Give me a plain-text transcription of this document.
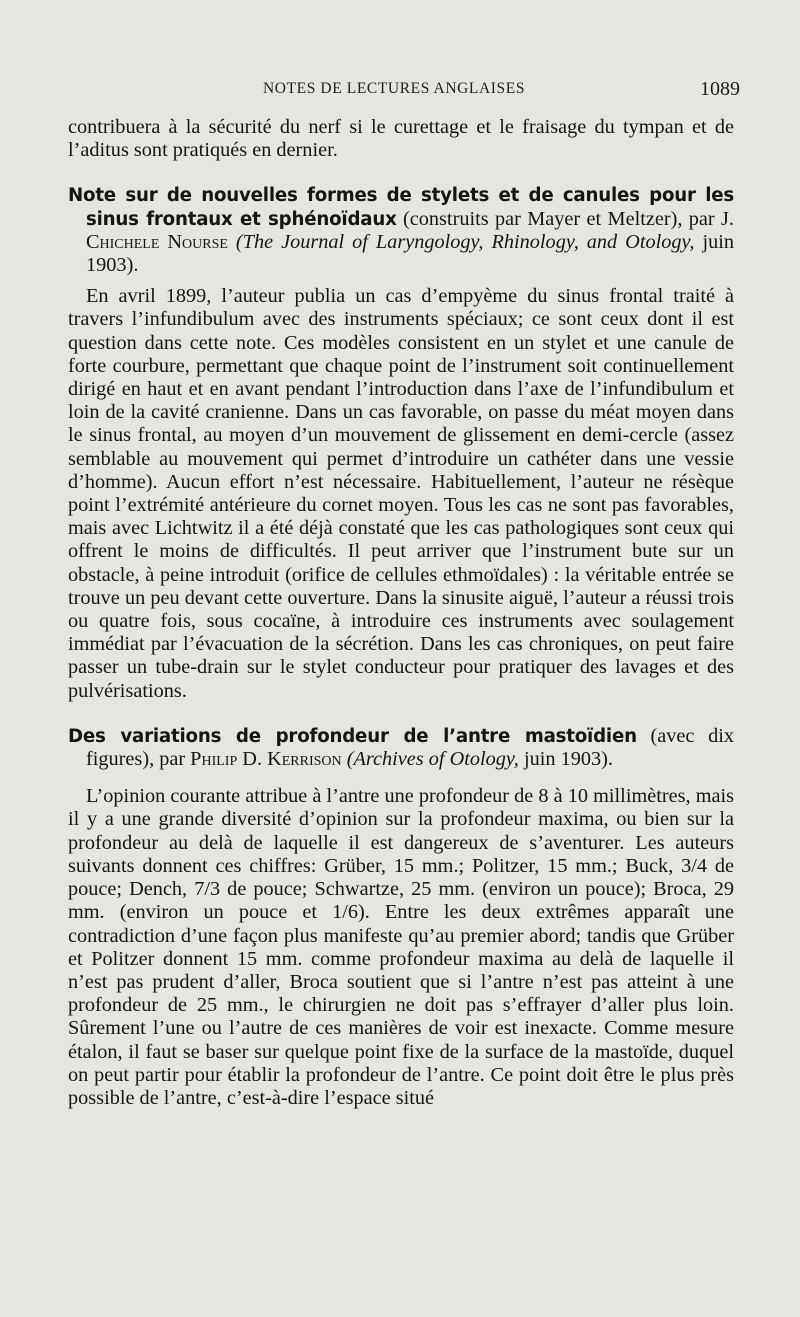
NOTES DE LECTURES ANGLAISES	1089

contribuera à la sécurité du nerf si le curettage et le fraisage du tympan et de l’aditus sont pratiqués en dernier.

Note sur de nouvelles formes de stylets et de canules pour les sinus frontaux et sphénoïdaux (construits par Mayer et Meltzer), par J. Chichele Nourse (The Journal of Laryngology, Rhinology, and Otology, juin 1903).

En avril 1899, l’auteur publia un cas d’empyème du sinus frontal traité à travers l’infundibulum avec des instruments spéciaux; ce sont ceux dont il est question dans cette note. Ces modèles consistent en un stylet et une canule de forte courbure, permettant que chaque point de l’instrument soit continuellement dirigé en haut et en avant pendant l’introduction dans l’axe de l’infundibulum et loin de la cavité cranienne. Dans un cas favorable, on passe du méat moyen dans le sinus frontal, au moyen d’un mouvement de glissement en demi-cercle (assez semblable au mouvement qui permet d’introduire un cathéter dans une vessie d’homme). Aucun effort n’est nécessaire. Habituellement, l’auteur ne résèque point l’extrémité antérieure du cornet moyen. Tous les cas ne sont pas favorables, mais avec Lichtwitz il a été déjà constaté que les cas pathologiques sont ceux qui offrent le moins de difficultés. Il peut arriver que l’instrument bute sur un obstacle, à peine introduit (orifice de cellules ethmoïdales) : la véritable entrée se trouve un peu devant cette ouverture. Dans la sinusite aiguë, l’auteur a réussi trois ou quatre fois, sous cocaïne, à introduire ces instruments avec soulagement immédiat par l’évacuation de la sécrétion. Dans les cas chroniques, on peut faire passer un tube-drain sur le stylet conducteur pour pratiquer des lavages et des pulvérisations.

Des variations de profondeur de l’antre mastoïdien (avec dix figures), par Philip D. Kerrison (Archives of Otology, juin 1903).

L’opinion courante attribue à l’antre une profondeur de 8 à 10 millimètres, mais il y a une grande diversité d’opinion sur la profondeur maxima, ou bien sur la profondeur au delà de laquelle il est dangereux de s’aventurer. Les auteurs suivants donnent ces chiffres: Grüber, 15 mm.; Politzer, 15 mm.; Buck, 3/4 de pouce; Dench, 7/3 de pouce; Schwartze, 25 mm. (environ un pouce); Broca, 29 mm. (environ un pouce et 1/6). Entre les deux extrêmes apparaît une contradiction d’une façon plus manifeste qu’au premier abord; tandis que Grüber et Politzer donnent 15 mm. comme profondeur maxima au delà de laquelle il n’est pas prudent d’aller, Broca soutient que si l’antre n’est pas atteint à une profondeur de 25 mm., le chirurgien ne doit pas s’effrayer d’aller plus loin. Sûrement l’une ou l’autre de ces manières de voir est inexacte. Comme mesure étalon, il faut se baser sur quelque point fixe de la surface de la mastoïde, duquel on peut partir pour établir la profondeur de l’antre. Ce point doit être le plus près possible de l’antre, c’est-à-dire l’espace situé
